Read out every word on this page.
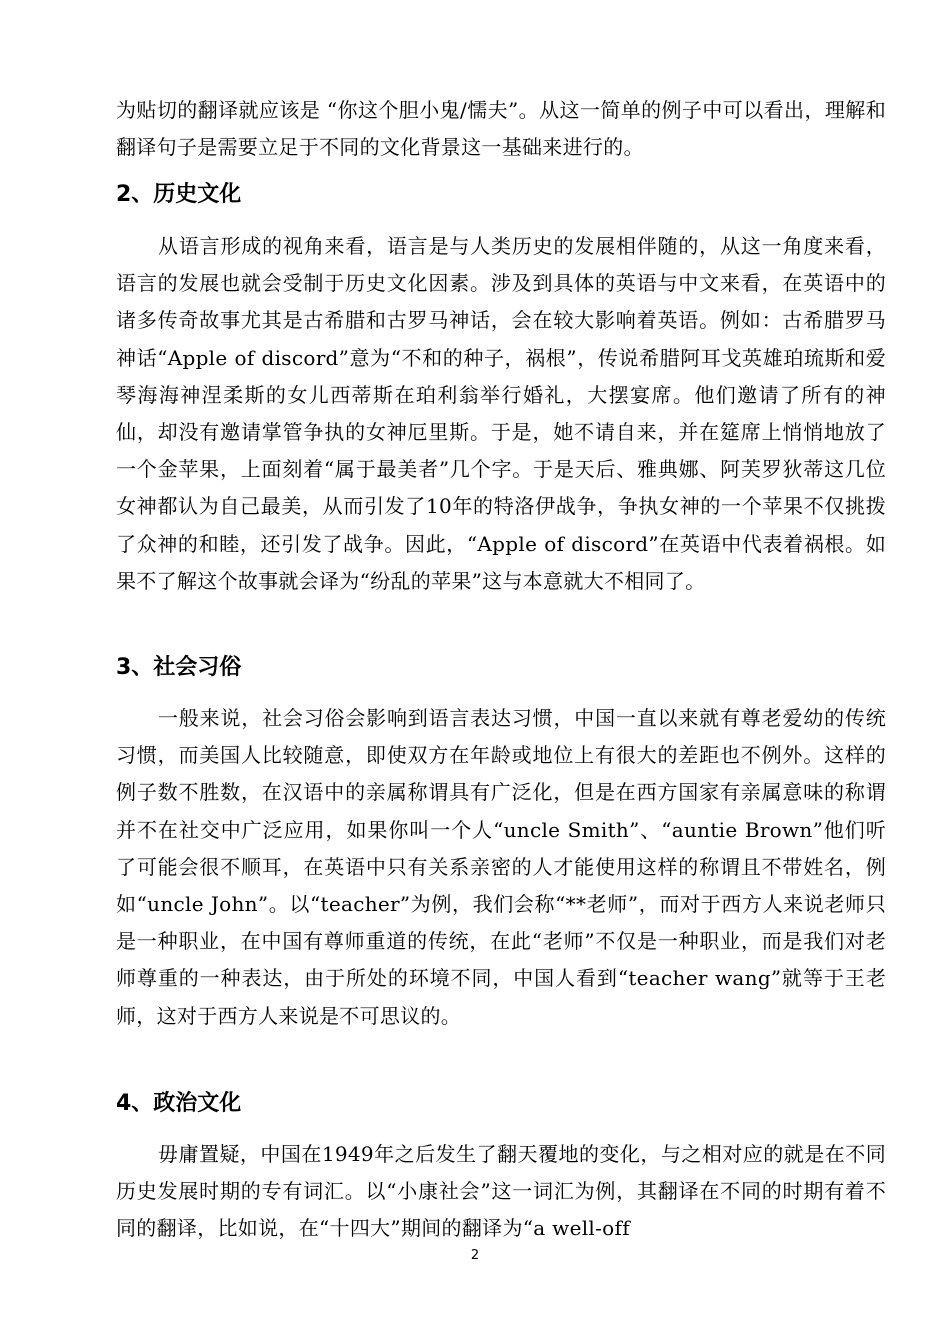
为贴切的翻译就应该是 “你这个胆小鬼/懦夫”。从这一简单的例子中可以看出，理解和翻译句子是需要立足于不同的文化背景这一基础来进行的。
2、历史文化
从语言形成的视角来看，语言是与人类历史的发展相伴随的，从这一角度来看，语言的发展也就会受制于历史文化因素。涉及到具体的英语与中文来看，在英语中的诸多传奇故事尤其是古希腊和古罗马神话，会在较大影响着英语。例如：古希腊罗马神话“Apple of discord”意为“不和的种子，祸根”，传说希腊阿耳戈英雄珀琉斯和爱琴海海神涅柔斯的女儿西蒂斯在珀利翁举行婚礼，大摆宴席。他们邀请了所有的神仙，却没有邀请掌管争执的女神厄里斯。于是，她不请自来，并在筵席上悄悄地放了一个金苹果，上面刻着“属于最美者”几个字。于是天后、雅典娜、阿芙罗狄蒂这几位女神都认为自己最美，从而引发了10年的特洛伊战争，争执女神的一个苹果不仅挑拨了众神的和睦，还引发了战争。因此，“Apple of discord”在英语中代表着祸根。如果不了解这个故事就会译为“纷乱的苹果”这与本意就大不相同了。
3、社会习俗
一般来说，社会习俗会影响到语言表达习惯，中国一直以来就有尊老爱幼的传统习惯，而美国人比较随意，即使双方在年龄或地位上有很大的差距也不例外。这样的例子数不胜数，在汉语中的亲属称谓具有广泛化，但是在西方国家有亲属意味的称谓并不在社交中广泛应用，如果你叫一个人“uncle Smith”、“auntie Brown”他们听了可能会很不顺耳，在英语中只有关系亲密的人才能使用这样的称谓且不带姓名，例如“uncle John”。以“teacher”为例，我们会称“**老师”，而对于西方人来说老师只是一种职业，在中国有尊师重道的传统，在此“老师”不仅是一种职业，而是我们对老师尊重的一种表达，由于所处的环境不同，中国人看到“teacher wang”就等于王老师，这对于西方人来说是不可思议的。
4、政治文化
毋庸置疑，中国在1949年之后发生了翻天覆地的变化，与之相对应的就是在不同历史发展时期的专有词汇。以“小康社会”这一词汇为例，其翻译在不同的时期有着不同的翻译，比如说，在“十四大”期间的翻译为“a well-off
2
